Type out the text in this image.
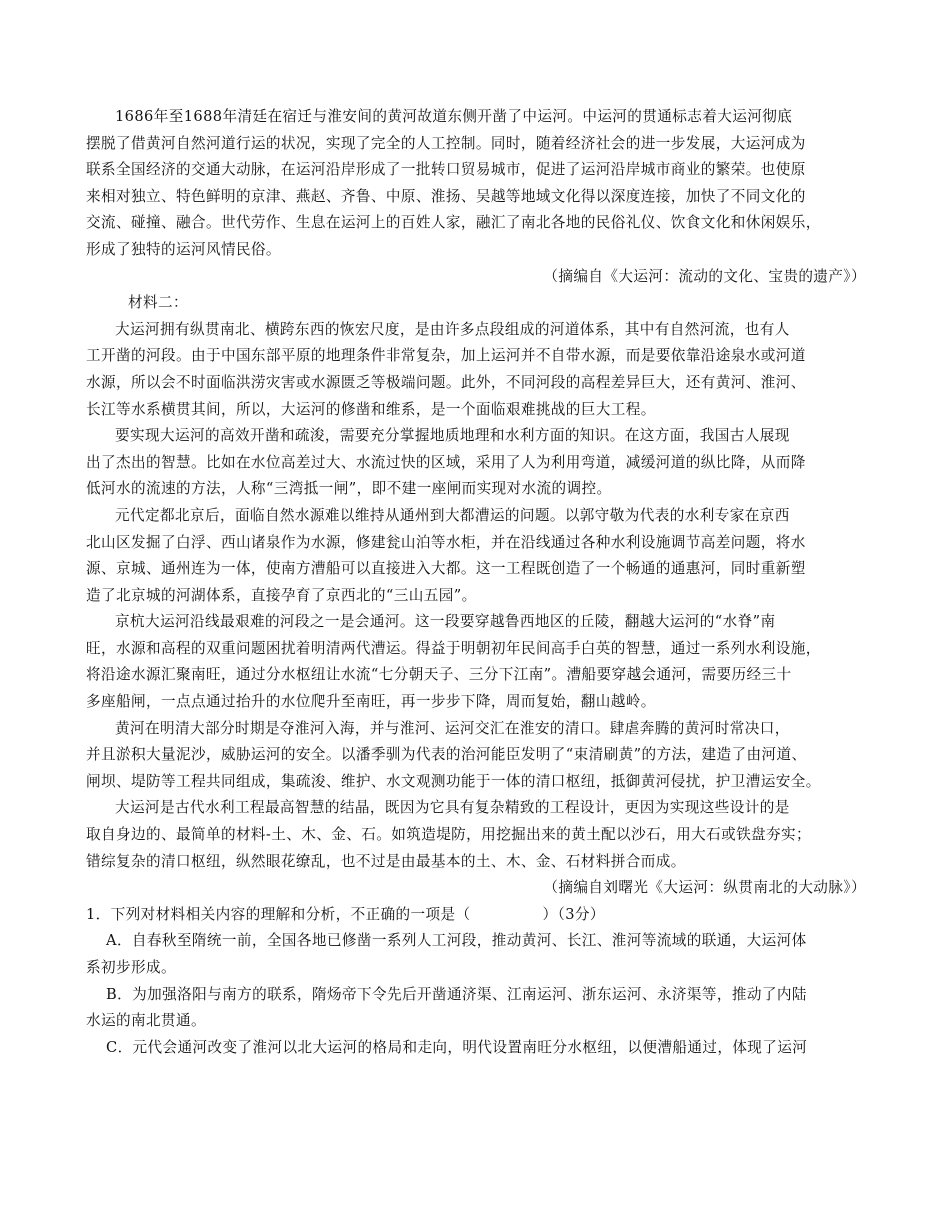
1686年至1688年清廷在宿迁与淮安间的黄河故道东侧开凿了中运河。中运河的贯通标志着大运河彻底
摆脱了借黄河自然河道行运的状况，实现了完全的人工控制。同时，随着经济社会的进一步发展，大运河成为
联系全国经济的交通大动脉，在运河沿岸形成了一批转口贸易城市，促进了运河沿岸城市商业的繁荣。也使原
来相对独立、特色鲜明的京津、燕赵、齐鲁、中原、淮扬、吴越等地域文化得以深度连接，加快了不同文化的
交流、碰撞、融合。世代劳作、生息在运河上的百姓人家，融汇了南北各地的民俗礼仪、饮食文化和休闲娱乐，
形成了独特的运河风情民俗。
（摘编自《大运河：流动的文化、宝贵的遗产》）
材料二：
大运河拥有纵贯南北、横跨东西的恢宏尺度，是由许多点段组成的河道体系，其中有自然河流，也有人
工开凿的河段。由于中国东部平原的地理条件非常复杂，加上运河并不自带水源，而是要依靠沿途泉水或河道
水源，所以会不时面临洪涝灾害或水源匮乏等极端问题。此外，不同河段的高程差异巨大，还有黄河、淮河、
长江等水系横贯其间，所以，大运河的修凿和维系，是一个面临艰难挑战的巨大工程。
要实现大运河的高效开凿和疏浚，需要充分掌握地质地理和水利方面的知识。在这方面，我国古人展现
出了杰出的智慧。比如在水位高差过大、水流过快的区域，采用了人为利用弯道，减缓河道的纵比降，从而降
低河水的流速的方法，人称“三湾抵一闸”，即不建一座闸而实现对水流的调控。
元代定都北京后，面临自然水源难以维持从通州到大都漕运的问题。以郭守敬为代表的水利专家在京西
北山区发掘了白浮、西山诸泉作为水源，修建瓮山泊等水柜，并在沿线通过各种水利设施调节高差问题，将水
源、京城、通州连为一体，使南方漕船可以直接进入大都。这一工程既创造了一个畅通的通惠河，同时重新塑
造了北京城的河湖体系，直接孕育了京西北的“三山五园”。
京杭大运河沿线最艰难的河段之一是会通河。这一段要穿越鲁西地区的丘陵，翻越大运河的“水脊”南
旺，水源和高程的双重问题困扰着明清两代漕运。得益于明朝初年民间高手白英的智慧，通过一系列水利设施，
将沿途水源汇聚南旺，通过分水枢纽让水流“七分朝天子、三分下江南”。漕船要穿越会通河，需要历经三十
多座船闸，一点点通过抬升的水位爬升至南旺，再一步步下降，周而复始，翻山越岭。
黄河在明清大部分时期是夺淮河入海，并与淮河、运河交汇在淮安的清口。肆虐奔腾的黄河时常决口，
并且淤积大量泥沙，威胁运河的安全。以潘季驯为代表的治河能臣发明了“束清刷黄”的方法，建造了由河道、
闸坝、堤防等工程共同组成，集疏浚、维护、水文观测功能于一体的清口枢纽，抵御黄河侵扰，护卫漕运安全。
大运河是古代水利工程最高智慧的结晶，既因为它具有复杂精致的工程设计，更因为实现这些设计的是
取自身边的、最简单的材料-土、木、金、石。如筑造堤防，用挖掘出来的黄土配以沙石，用大石或铁盘夯实；
错综复杂的清口枢纽，纵然眼花缭乱，也不过是由最基本的土、木、金、石材料拼合而成。
（摘编自刘曙光《大运河：纵贯南北的大动脉》）
1．下列对材料相关内容的理解和分析，不正确的一项是（	）（3分）
A．自春秋至隋统一前，全国各地已修凿一系列人工河段，推动黄河、长江、淮河等流域的联通，大运河体
系初步形成。
B．为加强洛阳与南方的联系，隋炀帝下令先后开凿通济渠、江南运河、浙东运河、永济渠等，推动了内陆
水运的南北贯通。
C．元代会通河改变了淮河以北大运河的格局和走向，明代设置南旺分水枢纽，以便漕船通过，体现了运河
